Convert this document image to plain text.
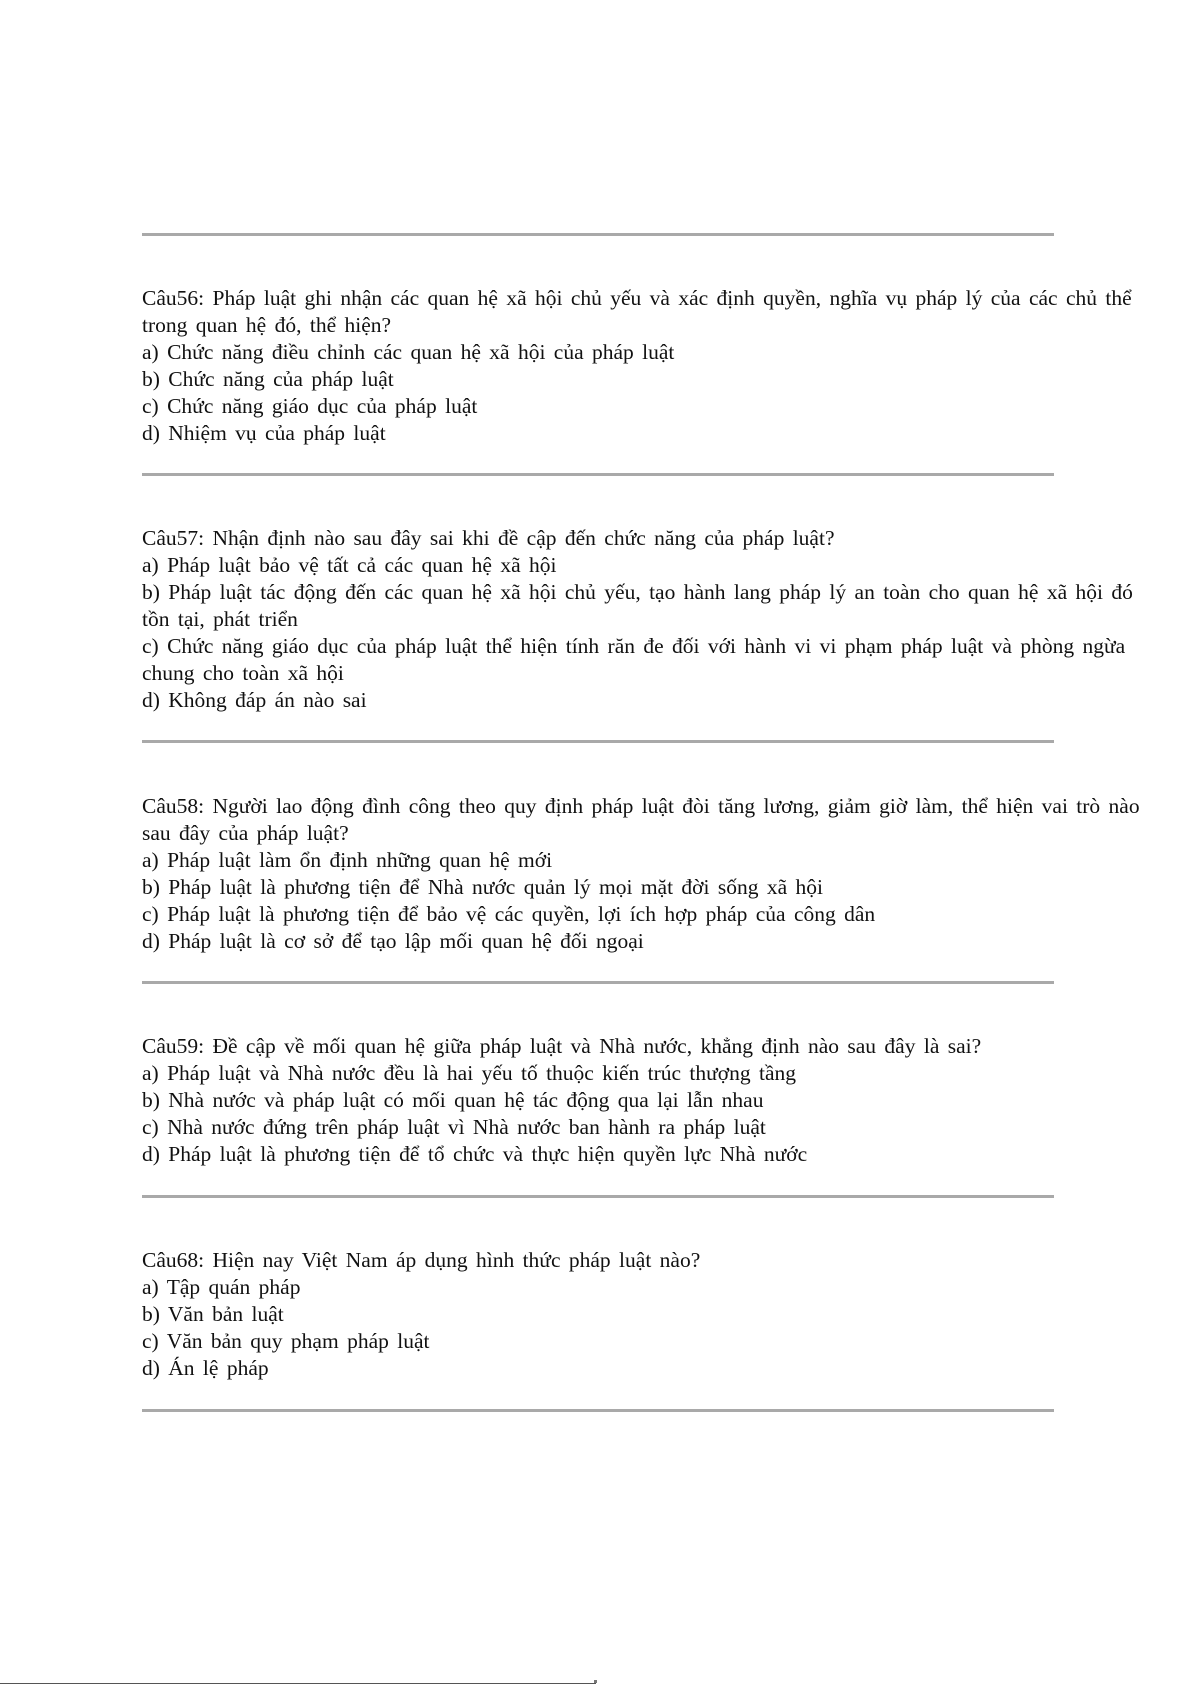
Câu56: Pháp luật ghi nhận các quan hệ xã hội chủ yếu và xác định quyền, nghĩa vụ pháp lý của các chủ thể trong quan hệ đó, thể hiện?
a) Chức năng điều chỉnh các quan hệ xã hội của pháp luật
b) Chức năng của pháp luật
c) Chức năng giáo dục của pháp luật
d) Nhiệm vụ của pháp luật
Câu57: Nhận định nào sau đây sai khi đề cập đến chức năng của pháp luật?
a) Pháp luật bảo vệ tất cả các quan hệ xã hội
b) Pháp luật tác động đến các quan hệ xã hội chủ yếu, tạo hành lang pháp lý an toàn cho quan hệ xã hội đó tồn tại, phát triển
c) Chức năng giáo dục của pháp luật thể hiện tính răn đe đối với hành vi vi phạm pháp luật và phòng ngừa chung cho toàn xã hội
d) Không đáp án nào sai
Câu58: Người lao động đình công theo quy định pháp luật đòi tăng lương, giảm giờ làm, thể hiện vai trò nào sau đây của pháp luật?
a) Pháp luật làm ổn định những quan hệ mới
b) Pháp luật là phương tiện để Nhà nước quản lý mọi mặt đời sống xã hội
c) Pháp luật là phương tiện để bảo vệ các quyền, lợi ích hợp pháp của công dân
d) Pháp luật là cơ sở để tạo lập mối quan hệ đối ngoại
Câu59: Đề cập về mối quan hệ giữa pháp luật và Nhà nước, khẳng định nào sau đây là sai?
a) Pháp luật và Nhà nước đều là hai yếu tố thuộc kiến trúc thượng tầng
b) Nhà nước và pháp luật có mối quan hệ tác động qua lại lẫn nhau
c) Nhà nước đứng trên pháp luật vì Nhà nước ban hành ra pháp luật
d) Pháp luật là phương tiện để tổ chức và thực hiện quyền lực Nhà nước
Câu68: Hiện nay Việt Nam áp dụng hình thức pháp luật nào?
a) Tập quán pháp
b) Văn bản luật
c) Văn bản quy phạm pháp luật
d) Án lệ pháp
